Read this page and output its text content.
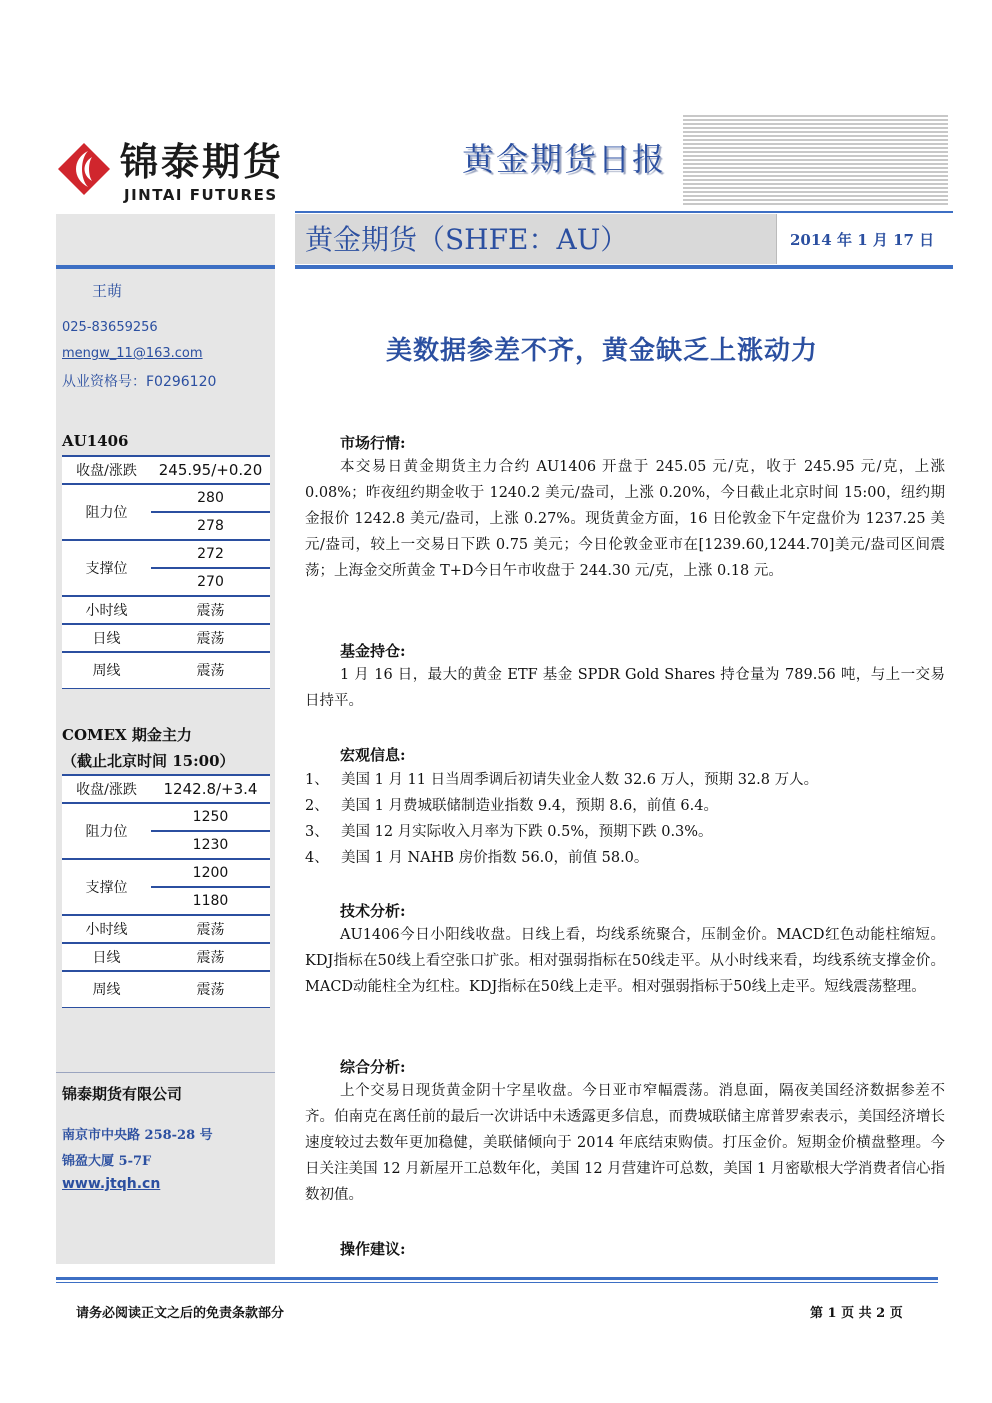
锦泰期货
JINTAI FUTURES
黄金期货日报
黄金期货（SHFE：AU）	2014 年 1 月 17 日
王萌
025-83659256
mengw_11@163.com
从业资格号：F0296120
AU1406
收盘/涨跌	245.95/+0.20
阻力位	280
	278
支撑位	272
	270
小时线	震荡
日线	震荡
周线	震荡
COMEX 期金主力
（截止北京时间 15:00）
收盘/涨跌	1242.8/+3.4
阻力位	1250
	1230
支撑位	1200
	1180
小时线	震荡
日线	震荡
周线	震荡
锦泰期货有限公司
南京市中央路 258-28 号
锦盈大厦 5-7F
www.jtqh.cn
美数据参差不齐，黄金缺乏上涨动力
市场行情:

本交易日黄金期货主力合约 AU1406 开盘于 245.05 元/克，收于 245.95 元/克，上涨 0.08%；昨夜纽约期金收于 1240.2 美元/盎司，上涨 0.20%，今日截止北京时间 15:00，纽约期金报价 1242.8 美元/盎司，上涨 0.27%。现货黄金方面，16 日伦敦金下午定盘价为 1237.25 美元/盎司，较上一交易日下跌 0.75 美元；今日伦敦金亚市在[1239.60,1244.70]美元/盎司区间震荡；上海金交所黄金 T+D今日午市收盘于 244.30 元/克，上涨 0.18 元。

基金持仓:

1 月 16 日，最大的黄金 ETF 基金 SPDR Gold Shares 持仓量为 789.56 吨，与上一交易日持平。

宏观信息:
1、 美国 1 月 11 日当周季调后初请失业金人数 32.6 万人，预期 32.8 万人。
2、 美国 1 月费城联储制造业指数 9.4，预期 8.6，前值 6.4。
3、 美国 12 月实际收入月率为下跌 0.5%，预期下跌 0.3%。
4、 美国 1 月 NAHB 房价指数 56.0，前值 58.0。
技术分析:

AU1406今日小阳线收盘。日线上看，均线系统聚合，压制金价。MACD红色动能柱缩短。KDJ指标在50线上看空张口扩张。相对强弱指标在50线走平。从小时线来看，均线系统支撑金价。MACD动能柱全为红柱。KDJ指标在50线上走平。相对强弱指标于50线上走平。短线震荡整理。

综合分析:

上个交易日现货黄金阴十字星收盘。今日亚市窄幅震荡。消息面，隔夜美国经济数据参差不齐。伯南克在离任前的最后一次讲话中未透露更多信息，而费城联储主席普罗索表示，美国经济增长速度较过去数年更加稳健，美联储倾向于 2014 年底结束购债。打压金价。短期金价横盘整理。今日关注美国 12 月新屋开工总数年化，美国 12 月营建许可总数，美国 1 月密歇根大学消费者信心指数初值。

操作建议:
请务必阅读正文之后的免责条款部分	第 1 页 共 2 页
